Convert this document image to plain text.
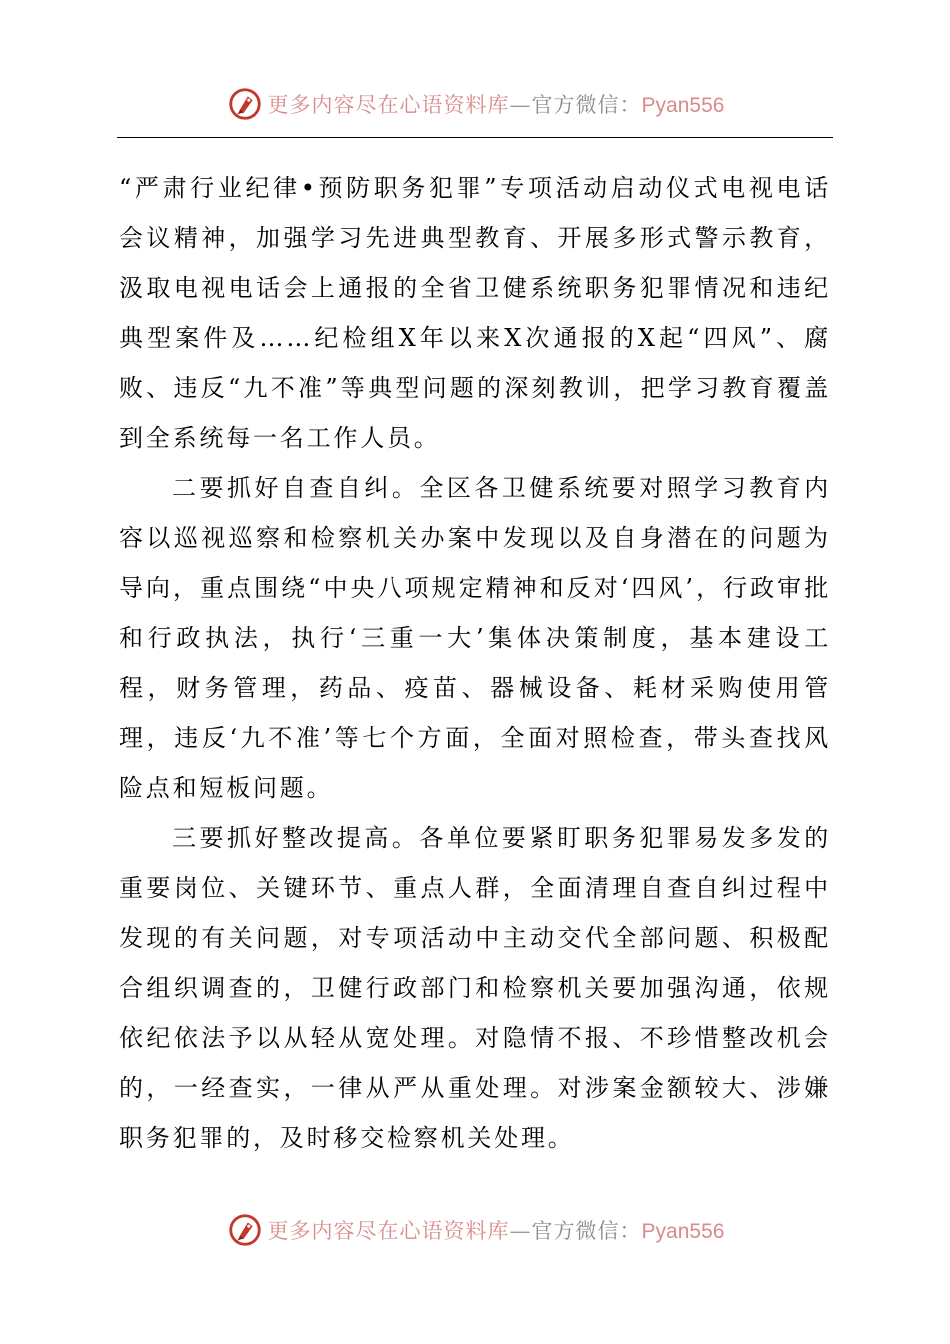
更多内容尽在心语资料库—官方微信：Pyan556

“严肃行业纪律•预防职务犯罪”专项活动启动仪式电视电话会议精神，加强学习先进典型教育、开展多形式警示教育，汲取电视电话会上通报的全省卫健系统职务犯罪情况和违纪典型案件及……纪检组X年以来X次通报的X起“四风”、腐败、违反“九不准”等典型问题的深刻教训，把学习教育覆盖到全系统每一名工作人员。

二要抓好自查自纠。全区各卫健系统要对照学习教育内容以巡视巡察和检察机关办案中发现以及自身潜在的问题为导向，重点围绕“中央八项规定精神和反对‘四风’，行政审批和行政执法，执行‘三重一大’集体决策制度，基本建设工程，财务管理，药品、疫苗、器械设备、耗材采购使用管理，违反‘九不准’等七个方面，全面对照检查，带头查找风险点和短板问题。

三要抓好整改提高。各单位要紧盯职务犯罪易发多发的重要岗位、关键环节、重点人群，全面清理自查自纠过程中发现的有关问题，对专项活动中主动交代全部问题、积极配合组织调查的，卫健行政部门和检察机关要加强沟通，依规依纪依法予以从轻从宽处理。对隐情不报、不珍惜整改机会的，一经查实，一律从严从重处理。对涉案金额较大、涉嫌职务犯罪的，及时移交检察机关处理。

更多内容尽在心语资料库—官方微信：Pyan556
